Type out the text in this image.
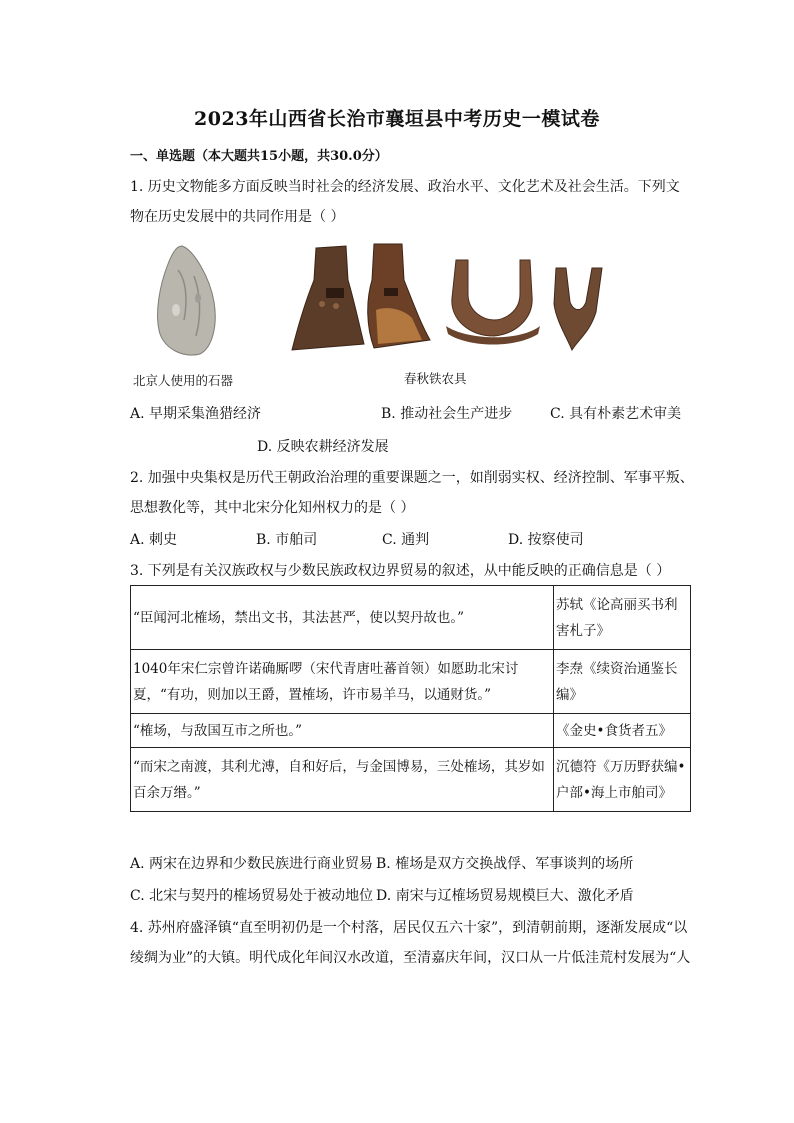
2023年山西省长治市襄垣县中考历史一模试卷
一、单选题（本大题共15小题，共30.0分）
1. 历史文物能多方面反映当时社会的经济发展、政治水平、文化艺术及社会生活。下列文
物在历史发展中的共同作用是（ ）
北京人使用的石器	春秋铁农具
A. 早期采集渔猎经济	B. 推动社会生产进步	C. 具有朴素艺术审美
D. 反映农耕经济发展
2. 加强中央集权是历代王朝政治治理的重要课题之一，如削弱实权、经济控制、军事平叛、
思想教化等，其中北宋分化知州权力的是（ ）
A. 刺史	B. 市舶司	C. 通判	D. 按察使司
3. 下列是有关汉族政权与少数民族政权边界贸易的叙述，从中能反映的正确信息是（ ）
“臣闻河北榷场，禁出文书，其法甚严，使以契丹故也。”	苏轼《论高丽买书利害札子》
1040年宋仁宗曾许诺确厮啰（宋代青唐吐蕃首领）如愿助北宋讨夏，“有功，则加以王爵，置榷场，许市易羊马，以通财货。”	李焘《续资治通鉴长编》
“榷场，与敌国互市之所也。”	《金史•食货者五》
“而宋之南渡，其利尤溥，自和好后，与金国博易，三处榷场，其岁如百余万缗。”	沉德符《万历野获编•户部•海上市舶司》
A. 两宋在边界和少数民族进行商业贸易 B. 榷场是双方交换战俘、军事谈判的场所
C. 北宋与契丹的榷场贸易处于被动地位 D. 南宋与辽榷场贸易规模巨大、激化矛盾
4. 苏州府盛泽镇“直至明初仍是一个村落，居民仅五六十家”，到清朝前期，逐渐发展成“以
绫绸为业”的大镇。明代成化年间汉水改道，至清嘉庆年间，汉口从一片低洼荒村发展为“人
